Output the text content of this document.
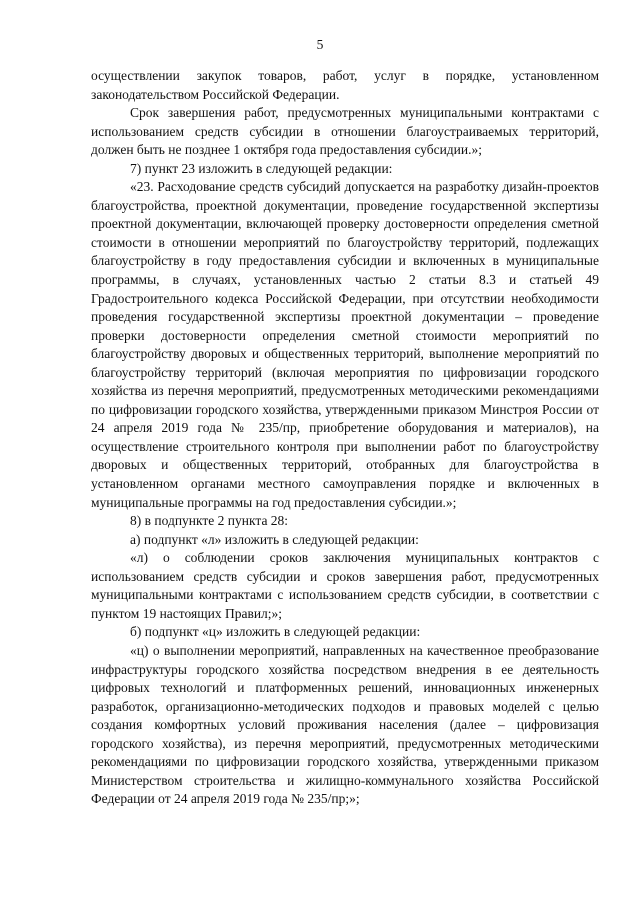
5

осуществлении закупок товаров, работ, услуг в порядке, установленном законодательством Российской Федерации.

Срок завершения работ, предусмотренных муниципальными контрактами с использованием средств субсидии в отношении благоустраиваемых территорий, должен быть не позднее 1 октября года предоставления субсидии.»;

7) пункт 23 изложить в следующей редакции:

«23. Расходование средств субсидий допускается на разработку дизайн-проектов благоустройства, проектной документации, проведение государственной экспертизы проектной документации, включающей проверку достоверности определения сметной стоимости в отношении мероприятий по благоустройству территорий, подлежащих благоустройству в году предоставления субсидии и включенных в муниципальные программы, в случаях, установленных частью 2 статьи 8.3 и статьей 49 Градостроительного кодекса Российской Федерации, при отсутствии необходимости проведения государственной экспертизы проектной документации – проведение проверки достоверности определения сметной стоимости мероприятий по благоустройству дворовых и общественных территорий, выполнение мероприятий по благоустройству территорий (включая мероприятия по цифровизации городского хозяйства из перечня мероприятий, предусмотренных методическими рекомендациями по цифровизации городского хозяйства, утвержденными приказом Минстроя России от 24 апреля 2019 года № 235/пр, приобретение оборудования и материалов), на осуществление строительного контроля при выполнении работ по благоустройству дворовых и общественных территорий, отобранных для благоустройства в установленном органами местного самоуправления порядке и включенных в муниципальные программы на год предоставления субсидии.»;

8) в подпункте 2 пункта 28:

а) подпункт «л» изложить в следующей редакции:

«л) о соблюдении сроков заключения муниципальных контрактов с использованием средств субсидии и сроков завершения работ, предусмотренных муниципальными контрактами с использованием средств субсидии, в соответствии с пунктом 19 настоящих Правил;»;

б) подпункт «ц» изложить в следующей редакции:

«ц) о выполнении мероприятий, направленных на качественное преобразование инфраструктуры городского хозяйства посредством внедрения в ее деятельность цифровых технологий и платформенных решений, инновационных инженерных разработок, организационно-методических подходов и правовых моделей с целью создания комфортных условий проживания населения (далее – цифровизация городского хозяйства), из перечня мероприятий, предусмотренных методическими рекомендациями по цифровизации городского хозяйства, утвержденными приказом Министерством строительства и жилищно-коммунального хозяйства Российской Федерации от 24 апреля 2019 года № 235/пр;»;
